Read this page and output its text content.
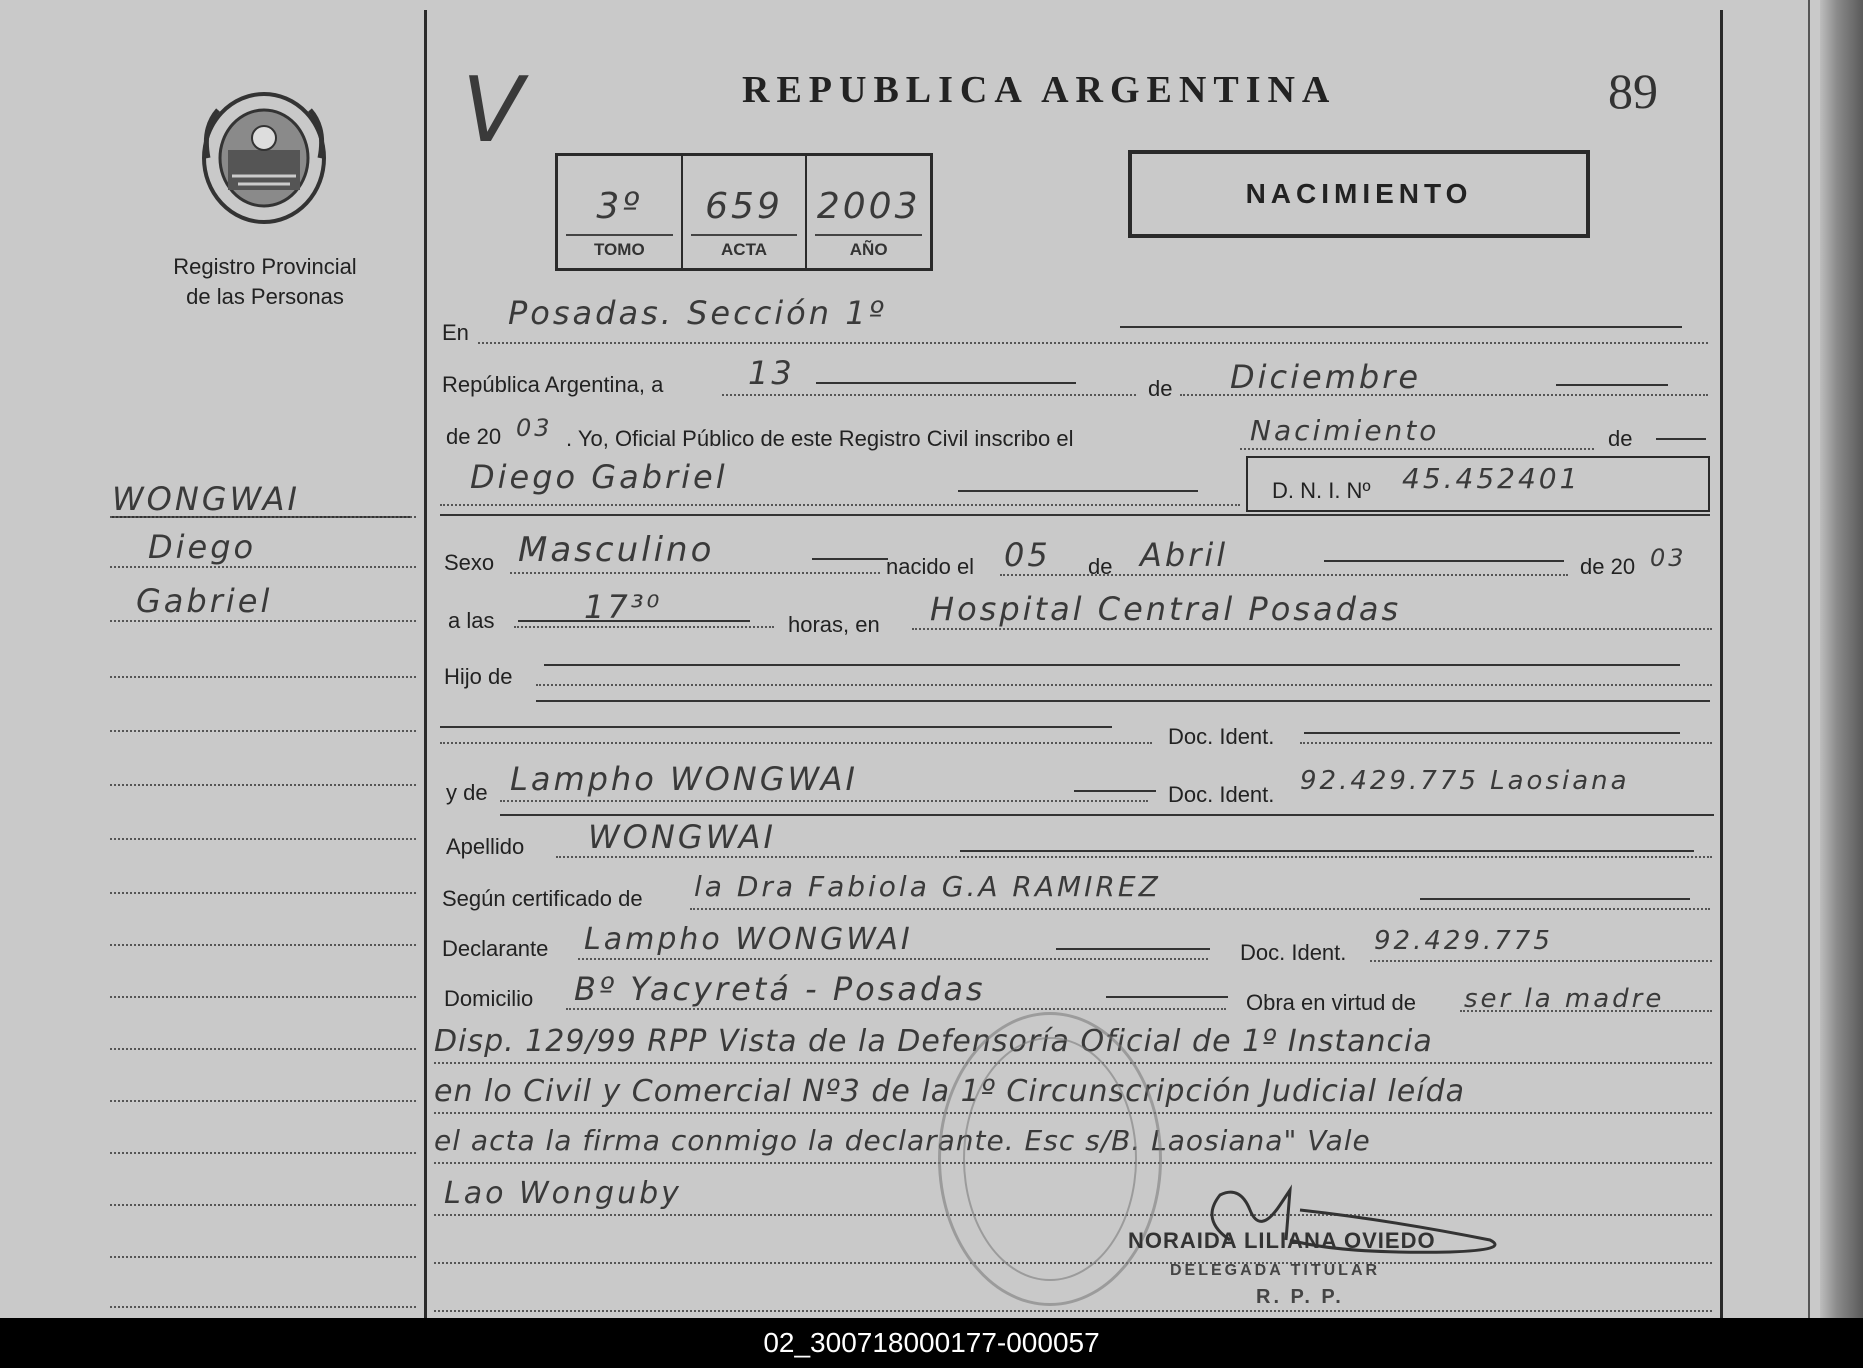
Registro Provincial
de las Personas
WONGWAI
Diego
Gabriel
V	REPUBLICA ARGENTINA	89
3º
TOMO
659
ACTA
2003
AÑO
NACIMIENTO
En
Posadas. Sección 1º
República Argentina, a	13	de Diciembre
de 20 03 . Yo, Oficial Público de este Registro Civil inscribo el	Nacimiento	de
Diego Gabriel	D. N. I. Nº 45.452401
Sexo Masculino	nacido el 05 de Abril	de 20 03
a las	17³⁰	horas, en Hospital Central Posadas
Hijo de
Doc. Ident.
y de Lampho WONGWAI	Doc. Ident. 92.429.775 Laosiana
Apellido WONGWAI
Según certificado de la Dra Fabiola G.A RAMIREZ
Declarante Lampho WONGWAI	Doc. Ident. 92.429.775
Domicilio Bº Yacyretá - Posadas	Obra en virtud de ser la madre
Disp. 129/99 RPP Vista de la Defensoría Oficial de 1º Instancia
en lo Civil y Comercial Nº3 de la 1º Circunscripción Judicial leída
el acta la firma conmigo la declarante. Esc s/B. Laosiana" Vale
Lao Wonguby
NORAIDA LILIANA OVIEDO
DELEGADA TITULAR
R. P. P.
02_300718000177-000057
